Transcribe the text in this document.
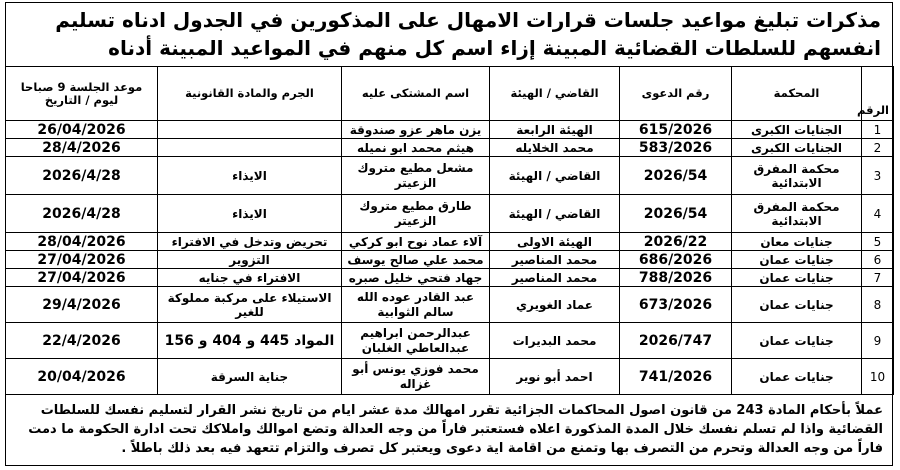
مذكرات تبليغ مواعيد جلسات قرارات الامهال على المذكورين في الجدول ادناه تسليم انفسهم للسلطات القضائية المبينة إزاء اسم كل منهم في المواعيد المبينة أدناه
الرقم	المحكمة	رقم الدعوى	القاضي / الهيئة	اسم المشتكى عليه	الجرم والمادة القانونية	موعد الجلسة 9 صباحا ليوم / التاريخ
1	الجنايات الكبرى	615/2026	الهيئة الرابعة	يزن ماهر عزو صندوقة		26/04/2026
2	الجنايات الكبرى	583/2026	محمد الخلايله	هيثم محمد ابو نميله		28/4/2026
3	محكمة المفرق الابتدائية	2026/54	القاضي / الهيئة	مشعل مطيع متروك الزعيتر	الايذاء	2026/4/28
4	محكمة المفرق الابتدائية	2026/54	القاضي / الهيئة	طارق مطيع متروك الزعيتر	الايذاء	2026/4/28
5	جنايات معان	2026/22	الهيئة الاولى	آلاء عماد نوح ابو كركي	تحريض وتدخل في الافتراء	28/04/2026
6	جنايات عمان	686/2026	محمد المناصير	محمد علي صالح يوسف	التزوير	27/04/2026
7	جنايات عمان	788/2026	محمد المناصير	جهاد فتحي خليل صبره	الافتراء في جنايه	27/04/2026
8	جنايات عمان	673/2026	عماد الغويري	عبد القادر عوده الله سالم الثوابية	الاستيلاء على مركبة مملوكة للغير	29/4/2026
9	جنايات عمان	2026/747	محمد البديرات	عبدالرحمن ابراهيم عبدالعاطي الغلبان	المواد 445 و 404 و 156	22/4/2026
10	جنايات عمان	741/2026	احمد أبو نوير	محمد فوزي يونس أبو غزاله	جناية السرقة	20/04/2026
عملاً بأحكام المادة 243 من قانون اصول المحاكمات الجزائية تقرر امهالك مدة عشر ايام من تاريخ نشر القرار لتسليم نفسك للسلطات القضائية واذا لم تسلم نفسك خلال المدة المذكورة اعلاه فستعتبر فاراً من وجه العدالة وتضع اموالك واملاكك تحت ادارة الحكومة ما دمت فاراً من وجه العدالة وتحرم من التصرف بها وتمنع من اقامة اية دعوى ويعتبر كل تصرف والتزام تتعهد فيه بعد ذلك باطلاً .
